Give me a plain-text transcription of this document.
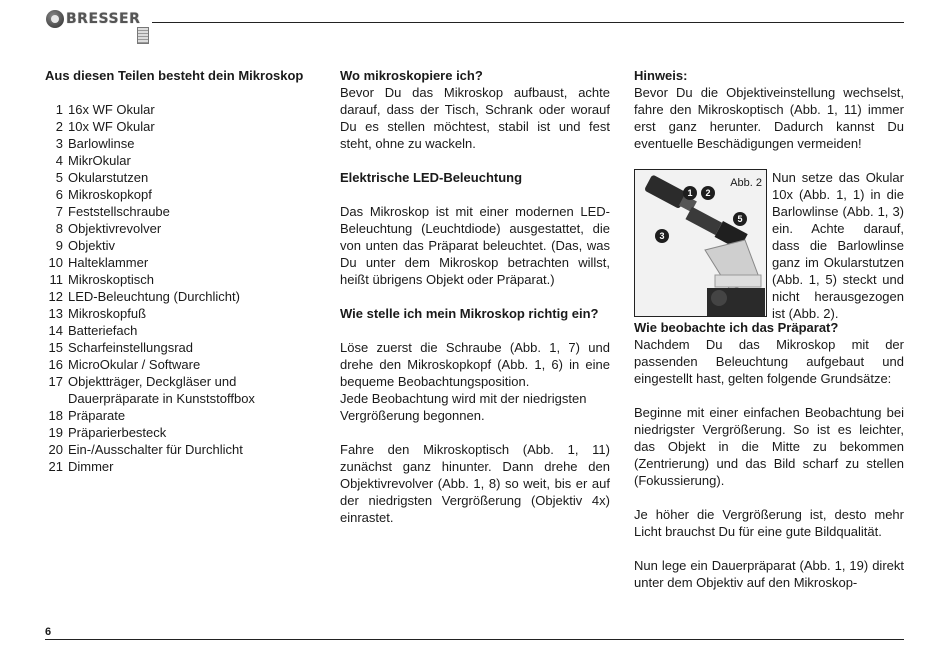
BRESSER

Aus diesen Teilen besteht dein Mikroskop

1 16x WF Okular
2 10x WF Okular
3 Barlowlinse
4 MikrOkular
5 Okularstutzen
6 Mikroskopkopf
7 Feststellschraube
8 Objektivrevolver
9 Objektiv
10 Halteklammer
11 Mikroskoptisch
12 LED-Beleuchtung (Durchlicht)
13 Mikroskopfuß
14 Batteriefach
15 Scharfeinstellungsrad
16 MicroOkular / Software
17 Objektträger, Deckgläser und
Dauerpräparate in Kunststoffbox
18 Präparate
19 Präparierbesteck
20 Ein-/Ausschalter für Durchlicht
21 Dimmer

Wo mikroskopiere ich?

Bevor Du das Mikroskop aufbaust, achte darauf, dass der Tisch, Schrank oder worauf Du es stellen möchtest, stabil ist und fest steht, ohne zu wackeln.

Elektrische LED-Beleuchtung

Das Mikroskop ist mit einer modernen LED-Beleuchtung (Leuchtdiode) ausgestattet, die von unten das Präparat beleuchtet. (Das, was Du unter dem Mikroskop betrachten willst, heißt übrigens Objekt oder Präparat.)

Wie stelle ich mein Mikroskop richtig ein?

Löse zuerst die Schraube (Abb. 1, 7) und drehe den Mikroskopkopf (Abb. 1, 6) in eine bequeme Beobachtungsposition.

Jede Beobachtung wird mit der niedrigsten Vergrößerung begonnen.

Fahre den Mikroskoptisch (Abb. 1, 11) zunächst ganz hinunter. Dann drehe den Objektivrevolver (Abb. 1, 8) so weit, bis er auf der niedrigsten Vergrößerung (Objektiv 4x) einrastet.

Hinweis:

Bevor Du die Objektiveinstellung wechselst, fahre den Mikroskoptisch (Abb. 1, 11) immer erst ganz herunter. Dadurch kannst Du eventuelle Beschädigungen vermeiden!

Abb. 2
1	2
3
5

Nun setze das Okular 10x (Abb. 1, 1) in die Barlowlinse (Abb. 1, 3) ein. Achte darauf, dass die Barlowlinse ganz im Okularstutzen (Abb. 1, 5) steckt und nicht herausgezogen ist (Abb. 2).

Wie beobachte ich das Präparat?

Nachdem Du das Mikroskop mit der passenden Beleuchtung aufgebaut und eingestellt hast, gelten folgende Grundsätze:

Beginne mit einer einfachen Beobachtung bei niedrigster Vergrößerung. So ist es leichter, das Objekt in die Mitte zu bekommen (Zentrierung) und das Bild scharf zu stellen (Fokussierung).

Je höher die Vergrößerung ist, desto mehr Licht brauchst Du für eine gute Bildqualität.

Nun lege ein Dauerpräparat (Abb. 1, 19) direkt unter dem Objektiv auf den Mikroskop-

6
